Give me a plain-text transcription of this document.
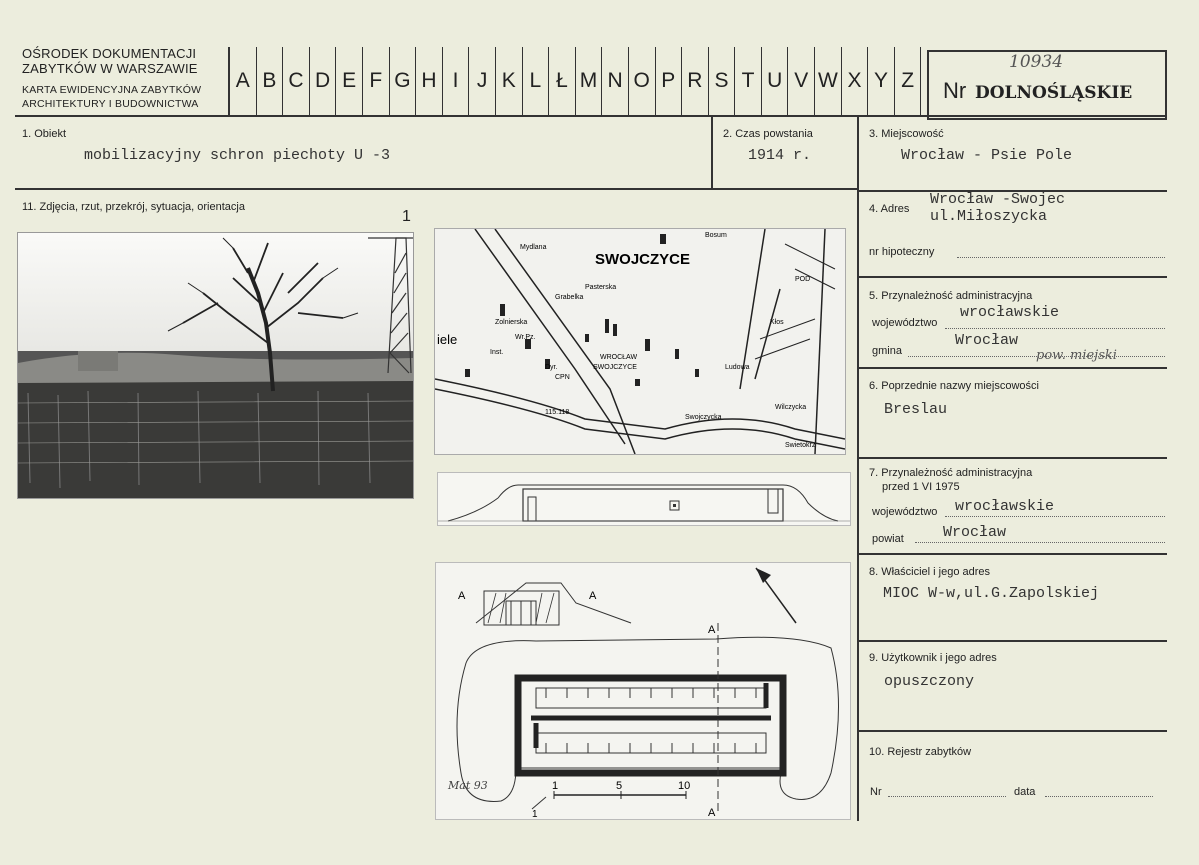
OŚRODEK DOKUMENTACJI
ZABYTKÓW W WARSZAWIE
KARTA EWIDENCYJNA ZABYTKÓW
ARCHITEKTURY I BUDOWNICTWA
A B C D E F G H I J K L Ł M N O P R S T U V W X Y Z	Nr DOLNOŚLĄSKIE
10934
1. Obiekt
mobilizacyjny schron piechoty U -3
2. Czas powstania
1914 r.
3. Miejscowość
Wrocław - Psie Pole
11. Zdjęcia, rzut, przekrój, sytuacja, orientacja
1
SWOJCZYCE
Mydlana
Grabelka
Pasterska
Bosum
POD
Kłos
WROCŁAW
SWOJCZYCE
iele
Zolnierska
Inst.
Wr.Pz.
Dyr.
CPN
Ludowa
Wilczycka
Swojczycka
115.118
Swietokrz
A	A
A
A
1	5	10
Mat 93
1
4. Adres
Wrocław -Swojec
ul.Miłoszycka
nr hipoteczny
5. Przynależność administracyjna
województwo
wrocławskie
gmina
Wrocław
pow. miejski
6. Poprzednie nazwy miejscowości
Breslau
7. Przynależność administracyjna
przed 1 VI 1975
województwo wrocławskie
powiat	Wrocław
8. Właściciel i jego adres
MIOC W-w,ul.G.Zapolskiej
9. Użytkownik i jego adres
opuszczony
10. Rejestr zabytków
Nr	data
